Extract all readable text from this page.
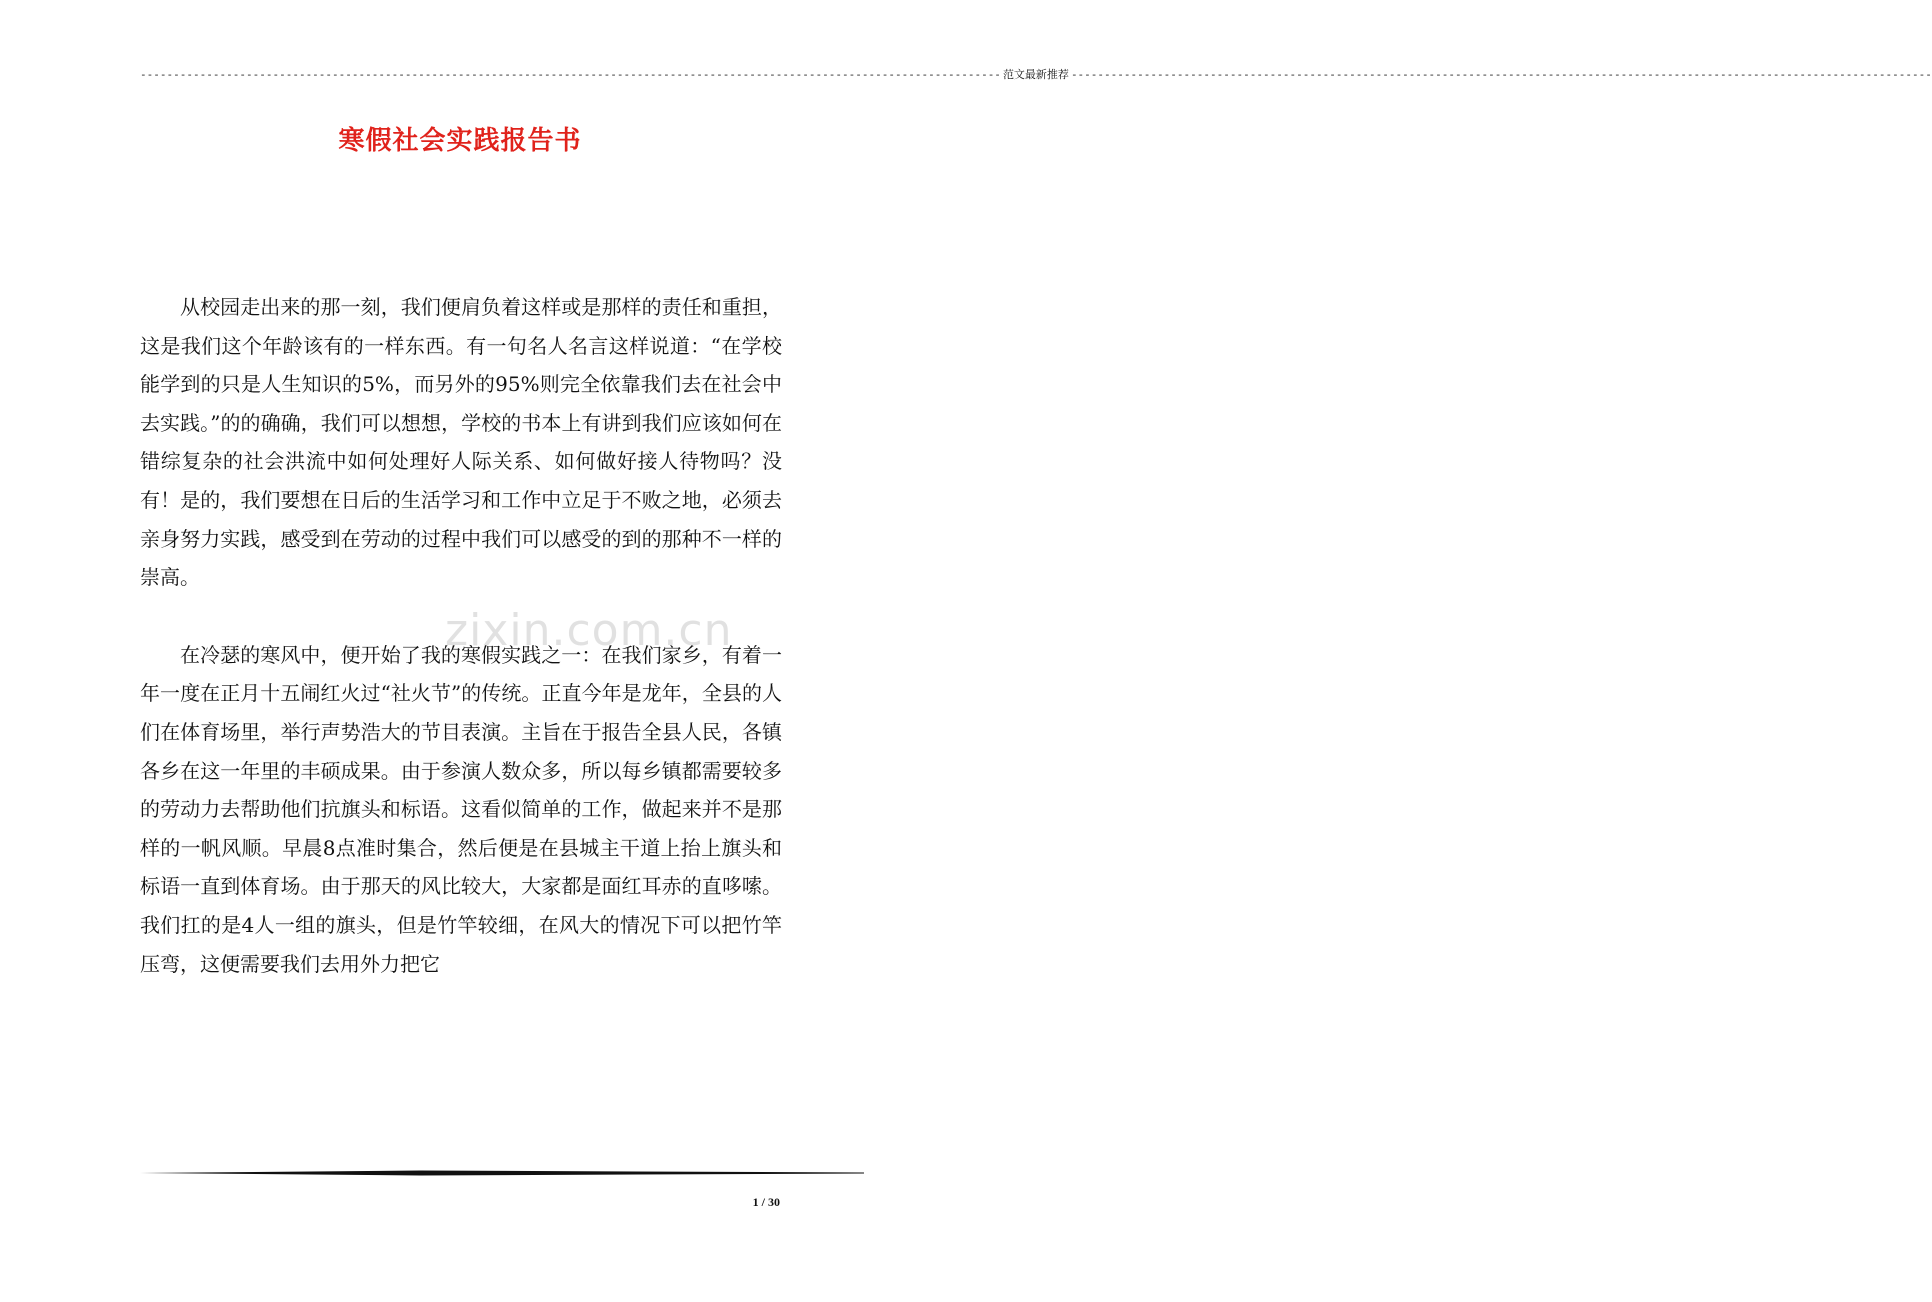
---------------------------------------------------------------------------------------------------------------------------------- 范文最新推荐 ----------------------------------------------------------------------------------------------------------------------------------
寒假社会实践报告书

从校园走出来的那一刻，我们便肩负着这样或是那样的责任和重担，这是我们这个年龄该有的一样东西。有一句名人名言这样说道：“在学校能学到的只是人生知识的5%，而另外的95%则完全依靠我们去在社会中去实践。”的的确确，我们可以想想，学校的书本上有讲到我们应该如何在错综复杂的社会洪流中如何处理好人际关系、如何做好接人待物吗？没有！是的，我们要想在日后的生活学习和工作中立足于不败之地，必须去亲身努力实践，感受到在劳动的过程中我们可以感受的到的那种不一样的崇高。

在冷瑟的寒风中，便开始了我的寒假实践之一：在我们家乡，有着一年一度在正月十五闹红火过“社火节”的传统。正直今年是龙年，全县的人们在体育场里，举行声势浩大的节目表演。主旨在于报告全县人民，各镇各乡在这一年里的丰硕成果。由于参演人数众多，所以每乡镇都需要较多的劳动力去帮助他们抗旗头和标语。这看似简单的工作，做起来并不是那样的一帆风顺。早晨8点准时集合，然后便是在县城主干道上抬上旗头和标语一直到体育场。由于那天的风比较大，大家都是面红耳赤的直哆嗦。我们扛的是4人一组的旗头，但是竹竿较细，在风大的情况下可以把竹竿压弯，这便需要我们去用外力把它

zixin.com.cn
1 / 30
